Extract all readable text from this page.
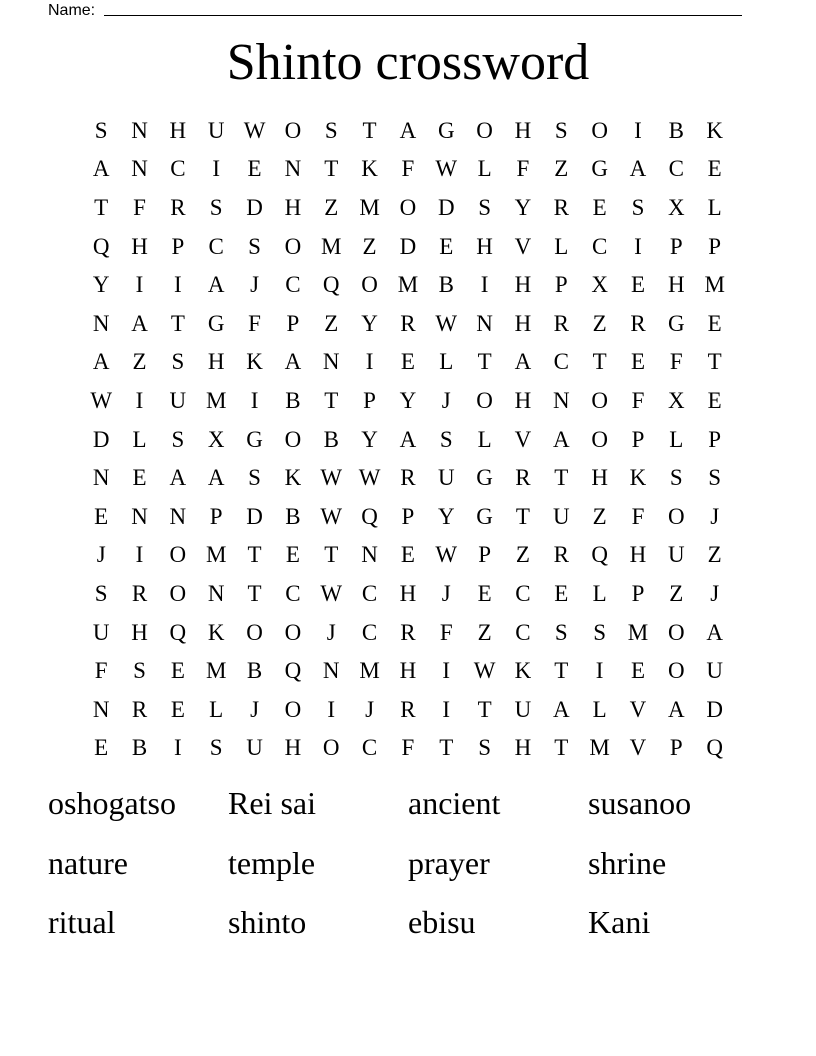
Name:
Shinto crossword
S	N H U W O	S	T	A G O H	S	O	I	B K
A N C	I	E	N	T	K	F W L	F	Z	G A C	E
T	F	R	S	D H	Z M O D	S	Y R	E	S	X	L
Q H	P	C	S	O M Z	D	E	H V	L	C	I	P	P
Y	I	I	A	J	C Q O M B	I	H	P	X	E	H M
N A	T	G	F	P	Z	Y R W N H R	Z	R G	E
A	Z	S	H K A N	I	E	L	T	A C	T	E	F	T
W	I	U M	I	B	T	P	Y	J	O H N O	F	X	E
D	L	S	X G O B Y A	S	L	V A O	P	L	P
N	E	A A	S	K W W R U G R	T	H K	S	S
E	N N	P	D B W Q	P	Y G	T	U	Z	F	O	J
J	I	O M T	E	T	N	E W P	Z	R Q H U	Z
S	R O N	T	C W C H	J	E	C	E	L	P	Z	J
U H Q K O O	J	C	R	F	Z	C	S	S M O A
F	S	E M B Q N M H	I	W K	T	I	E	O U
N R	E	L	J	O	I	J	R	I	T	U A	L	V A D
E	B	I	S	U H O C	F	T	S	H	T M V	P	Q
oshogatso	Rei sai	ancient	susanoo
nature	temple	prayer	shrine
ritual	shinto	ebisu	Kani
